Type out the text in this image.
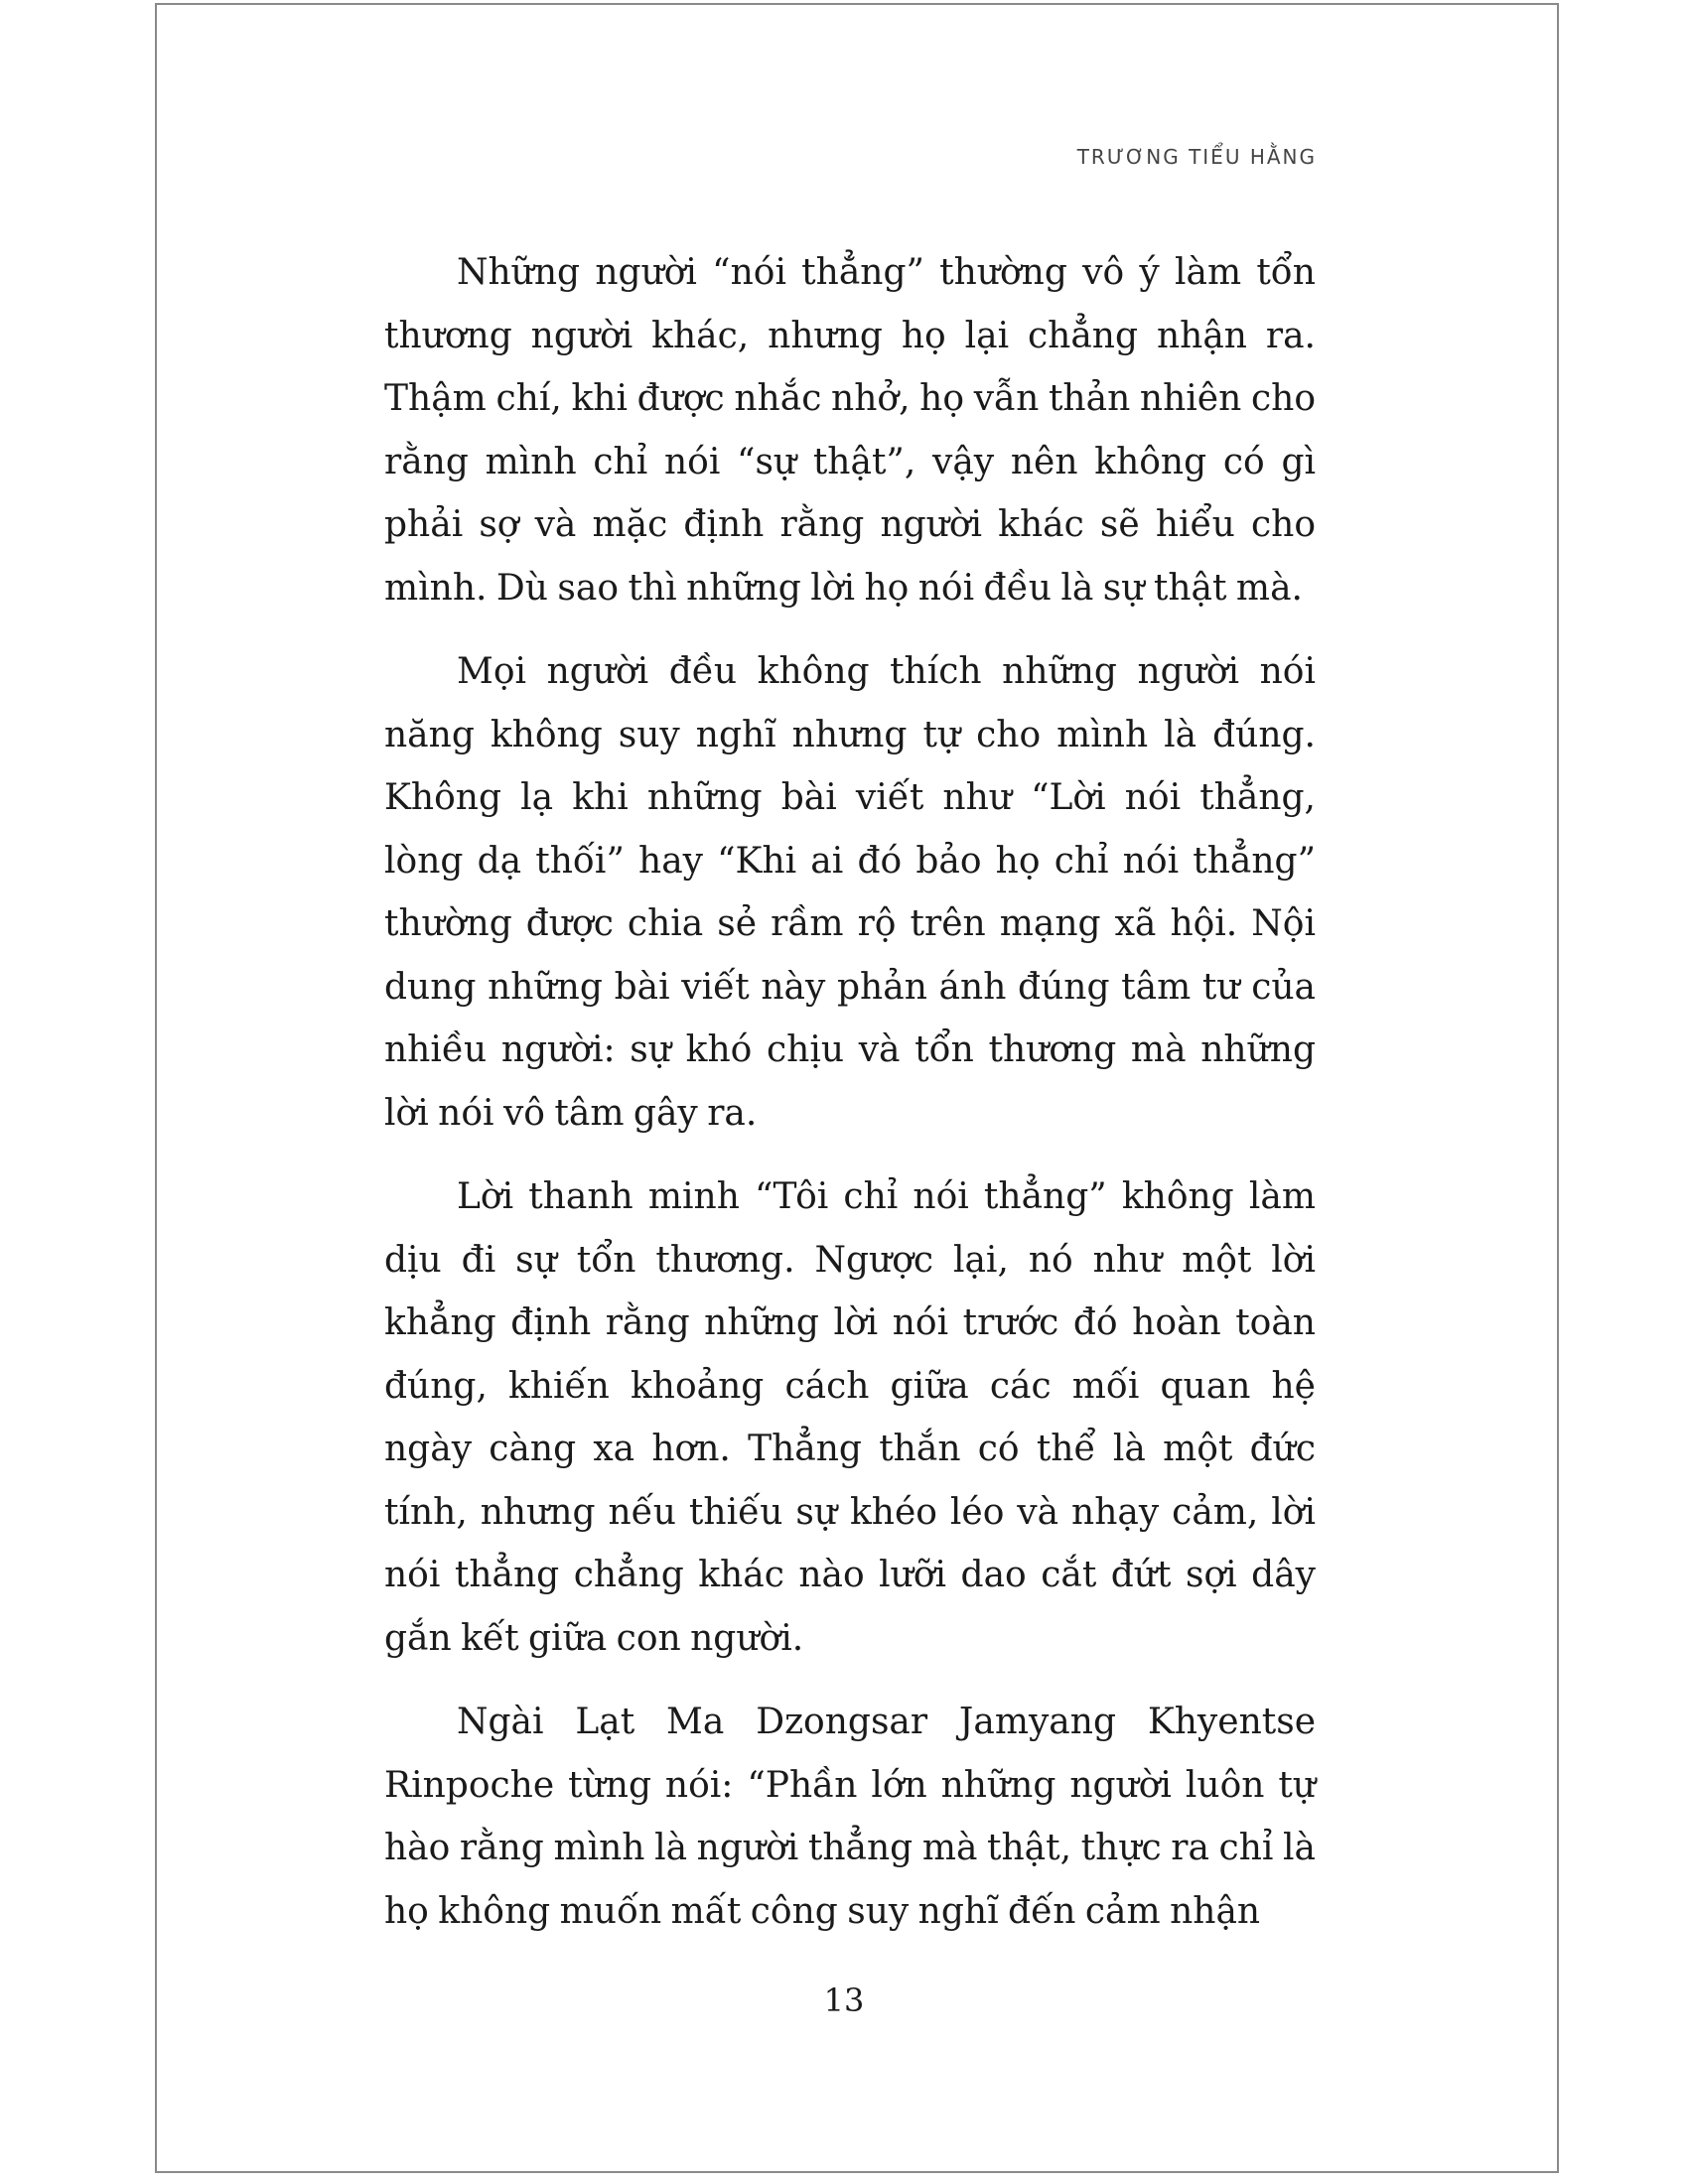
TRƯƠNG TIỂU HẰNG

Những người “nói thẳng” thường vô ý làm tổn thương người khác, nhưng họ lại chẳng nhận ra. Thậm chí, khi được nhắc nhở, họ vẫn thản nhiên cho rằng mình chỉ nói “sự thật”, vậy nên không có gì phải sợ và mặc định rằng người khác sẽ hiểu cho mình. Dù sao thì những lời họ nói đều là sự thật mà.

Mọi người đều không thích những người nói năng không suy nghĩ nhưng tự cho mình là đúng. Không lạ khi những bài viết như “Lời nói thẳng, lòng dạ thối” hay “Khi ai đó bảo họ chỉ nói thẳng” thường được chia sẻ rầm rộ trên mạng xã hội. Nội dung những bài viết này phản ánh đúng tâm tư của nhiều người: sự khó chịu và tổn thương mà những lời nói vô tâm gây ra.

Lời thanh minh “Tôi chỉ nói thẳng” không làm dịu đi sự tổn thương. Ngược lại, nó như một lời khẳng định rằng những lời nói trước đó hoàn toàn đúng, khiến khoảng cách giữa các mối quan hệ ngày càng xa hơn. Thẳng thắn có thể là một đức tính, nhưng nếu thiếu sự khéo léo và nhạy cảm, lời nói thẳng chẳng khác nào lưỡi dao cắt đứt sợi dây gắn kết giữa con người.

Ngài Lạt Ma Dzongsar Jamyang Khyentse Rinpoche từng nói: “Phần lớn những người luôn tự hào rằng mình là người thẳng mà thật, thực ra chỉ là họ không muốn mất công suy nghĩ đến cảm nhận

13
